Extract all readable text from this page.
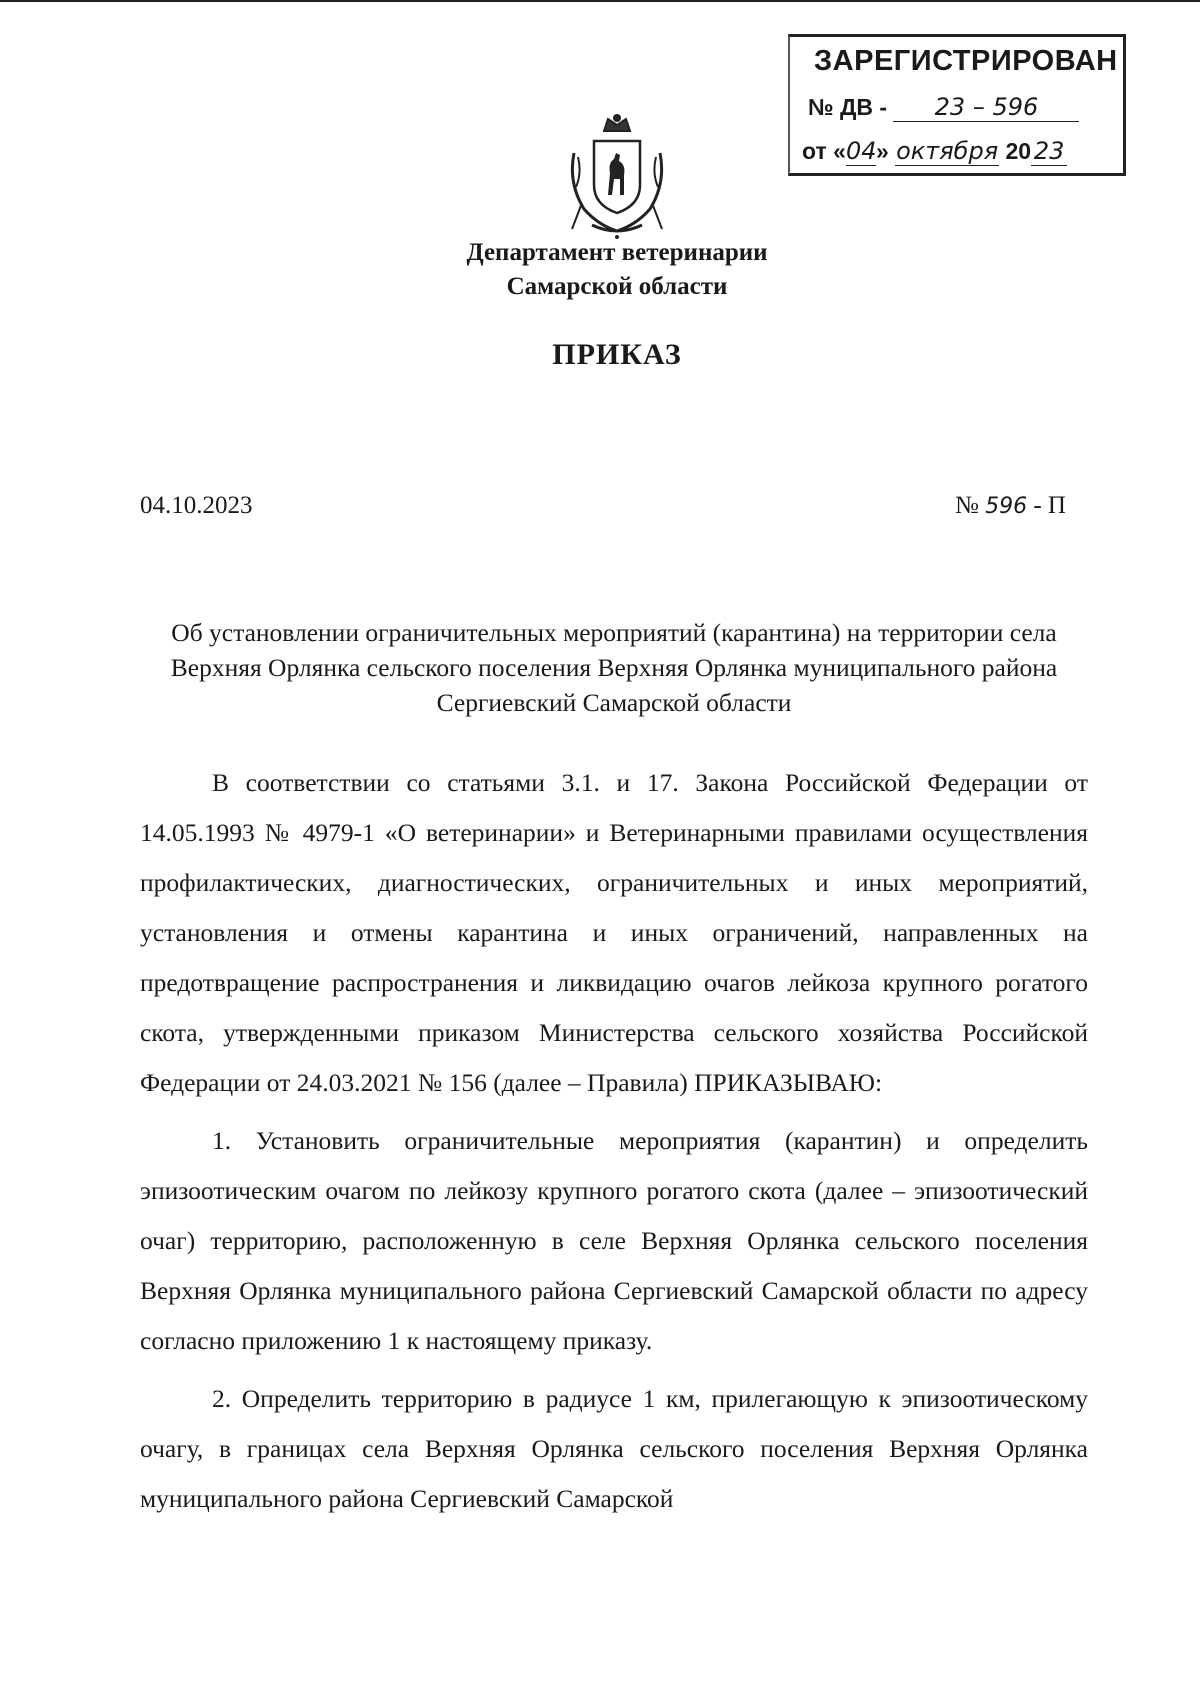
ЗАРЕГИСТРИРОВАН
№ ДВ - 23 – 596
от «04» октября 20 23
Департамент ветеринарии
Самарской области
ПРИКАЗ
04.10.2023	№ 596 - П
Об установлении ограничительных мероприятий (карантина) на территории села Верхняя Орлянка сельского поселения Верхняя Орлянка муниципального района Сергиевский Самарской области

В соответствии со статьями 3.1. и 17. Закона Российской Федерации от 14.05.1993 № 4979-1 «О ветеринарии» и Ветеринарными правилами осуществления профилактических, диагностических, ограничительных и иных мероприятий, установления и отмены карантина и иных ограничений, направленных на предотвращение распространения и ликвидацию очагов лейкоза крупного рогатого скота, утвержденными приказом Министерства сельского хозяйства Российской Федерации от 24.03.2021 № 156 (далее – Правила) ПРИКАЗЫВАЮ:

1. Установить ограничительные мероприятия (карантин) и определить эпизоотическим очагом по лейкозу крупного рогатого скота (далее – эпизоотический очаг) территорию, расположенную в селе Верхняя Орлянка сельского поселения Верхняя Орлянка муниципального района Сергиевский Самарской области по адресу согласно приложению 1 к настоящему приказу.

2. Определить территорию в радиусе 1 км, прилегающую к эпизоотическому очагу, в границах села Верхняя Орлянка сельского поселения Верхняя Орлянка муниципального района Сергиевский Самарской
